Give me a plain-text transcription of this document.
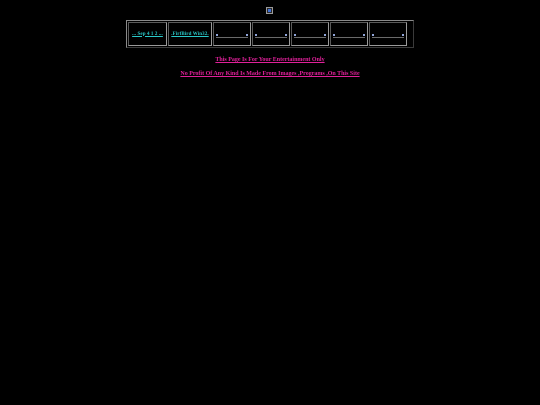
... Sep 4 1 2 ... .FirfBird Win32.
This Page Is For Your Entertainment Only
No Profit Of Any Kind Is Made From Images ,Programs ,On This Site
